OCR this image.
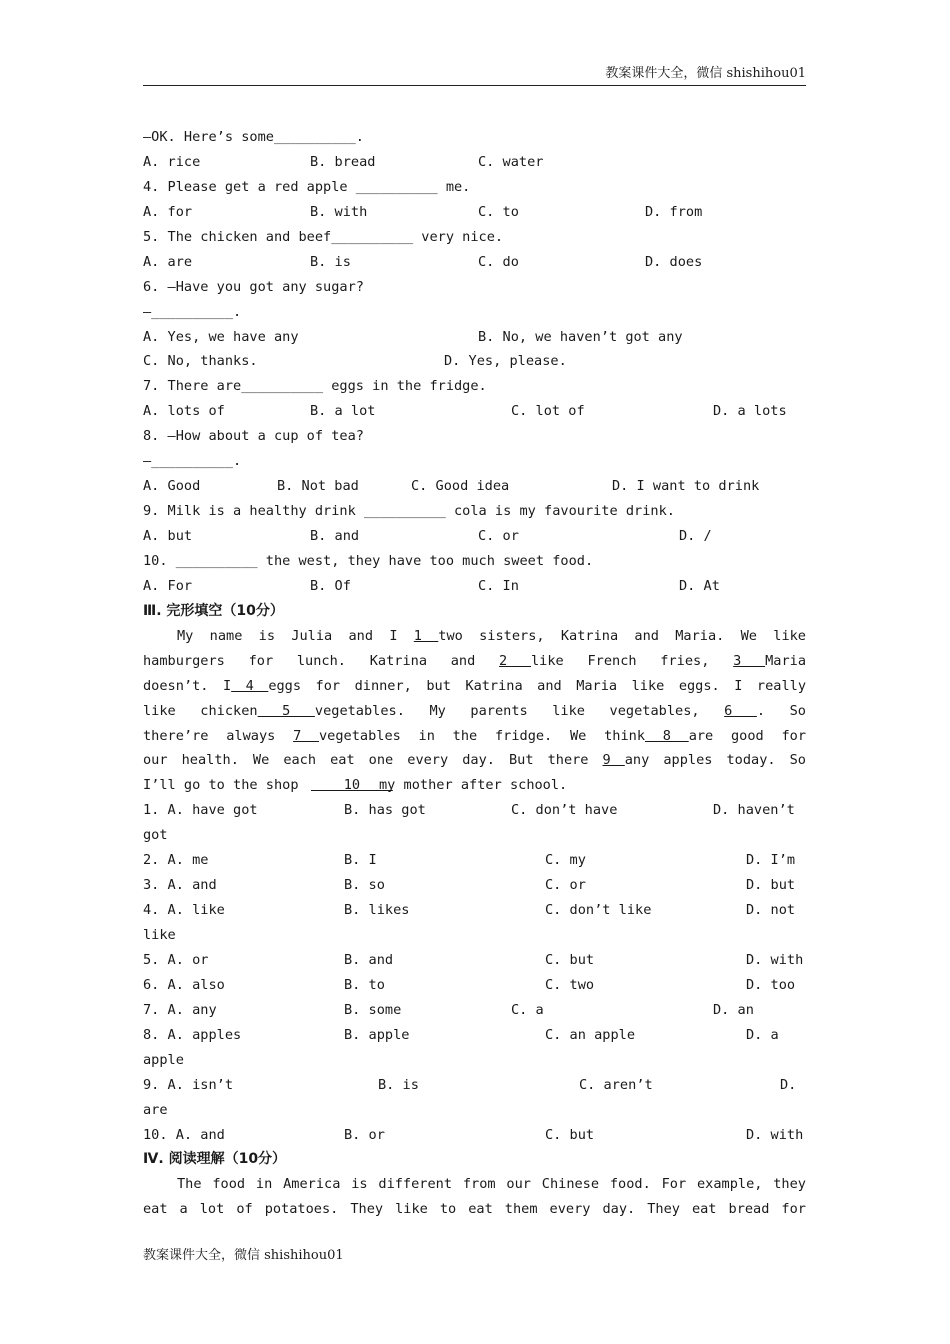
教案课件大全，微信 shishihou01
—OK. Here’s some__________.

A. rice

	B. bread

	C. water

4. Please get a red apple __________ me.

A. for

	B. with

	C. to

	D. from

5. The chicken and beef__________ very nice.

A. are

	B. is

	C. do

	D. does

6. —Have you got any sugar?
—__________.

A. Yes, we have any

	B. No, we haven’t got any

C. No, thanks.

	D. Yes, please.

7. There are__________ eggs in the fridge.

A. lots of

	B. a lot

	C. lot of

	D. a lots

8. —How about a cup of tea?
—__________.

A. Good

	B. Not bad

	C. Good idea

	D. I want to drink

9. Milk is a healthy drink __________ cola is my favourite drink.

A. but

	B. and

	C. or

	D. /

10. __________ the west, they have too much sweet food.

A. For

	B. Of

	C. In

	D. At

Ⅲ. 完形填空（10分）
My name is Julia and I 1 two sisters, Katrina and Maria. We like
hamburgers for lunch. Katrina and 2 like French fries, 3 Maria
doesn’t. I 4 eggs for dinner, but Katrina and Maria like eggs. I really
like chicken 5 vegetables. My parents like vegetables, 6 . So
there’re always 7 vegetables in the fridge. We think 8 are good for
our health. We each eat one every day. But there 9 any apples today. So
I’ll go to the shop 10
my mother after school.

1. A. have got

	B. has got

	C. don’t have

	D. haven’t

got

2. A. me

	B. I

	C. my

	D. I’m

3. A. and

	B. so

	C. or

	D. but

4. A. like

	B. likes

	C. don’t like

	D. not

like

5. A. or

	B. and

	C. but

	D. with

6. A. also

	B. to

	C. two

	D. too

7. A. any

	B. some

	C. a

	D. an

8. A. apples

	B. apple

	C. an apple

	D. a

apple

9. A. isn’t

	B. is

	C. aren’t

	D.

are

10. A. and

	B. or

	C. but

	D. with

Ⅳ. 阅读理解（10分）
The food in America is different from our Chinese food. For example, they
eat a lot of potatoes. They like to eat them every day. They eat bread for
教案课件大全，微信 shishihou01
